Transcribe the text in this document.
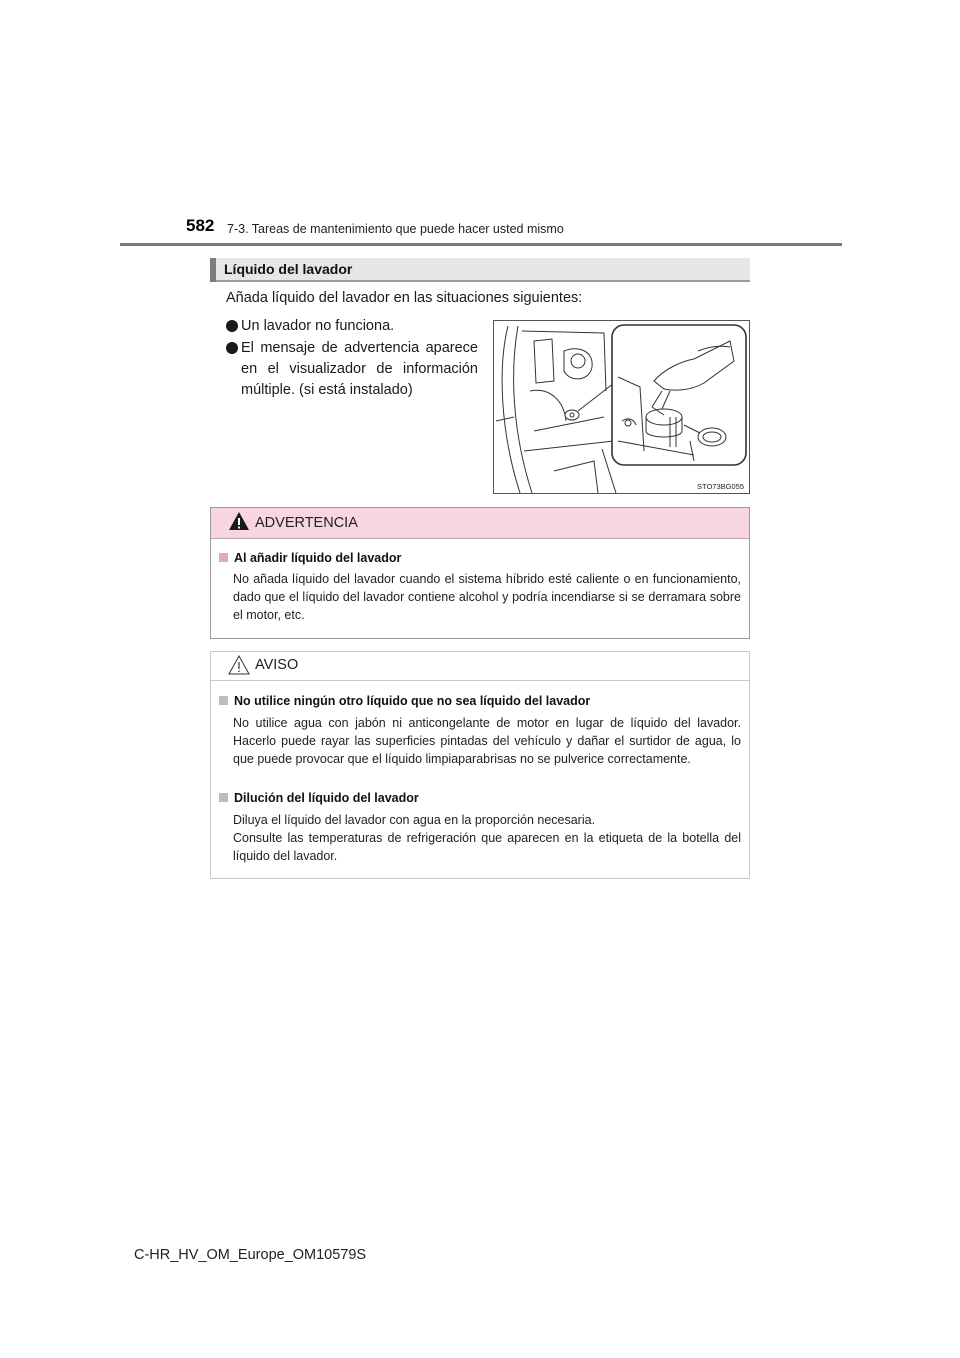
582 7-3. Tareas de mantenimiento que puede hacer usted mismo
Líquido del lavador
Añada líquido del lavador en las situaciones siguientes:
Un lavador no funciona.
El mensaje de advertencia aparece en el visualizador de información múltiple. (si está instalado)
STO73BG055
ADVERTENCIA
Al añadir líquido del lavador
No añada líquido del lavador cuando el sistema híbrido esté caliente o en funcionamiento, dado que el líquido del lavador contiene alcohol y podría incendiarse si se derramara sobre el motor, etc.
AVISO
No utilice ningún otro líquido que no sea líquido del lavador
No utilice agua con jabón ni anticongelante de motor en lugar de líquido del lavador. Hacerlo puede rayar las superficies pintadas del vehículo y dañar el surtidor de agua, lo que puede provocar que el líquido limpiaparabrisas no se pulverice correctamente.
Dilución del líquido del lavador
Diluya el líquido del lavador con agua en la proporción necesaria.
Consulte las temperaturas de refrigeración que aparecen en la etiqueta de la botella del líquido del lavador.
C-HR_HV_OM_Europe_OM10579S
